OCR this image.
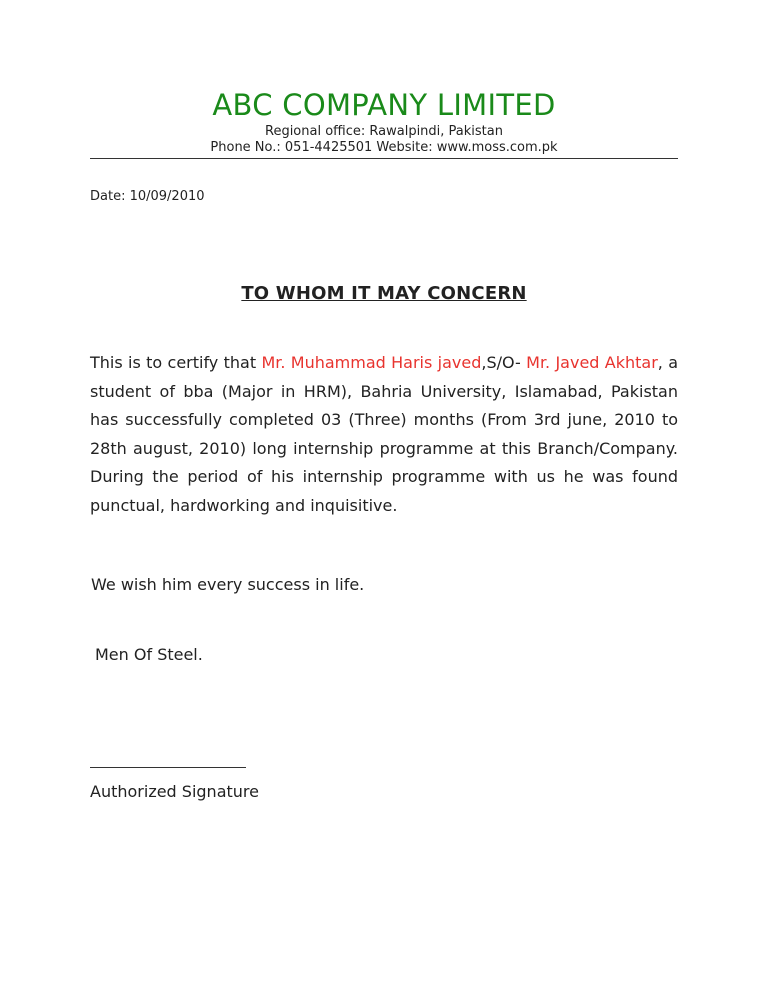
ABC COMPANY LIMITED
Regional office: Rawalpindi, Pakistan
Phone No.: 051-4425501 Website: www.moss.com.pk
Date: 10/09/2010
TO WHOM IT MAY CONCERN
This is to certify that Mr. Muhammad Haris javed,S/O- Mr. Javed Akhtar, a student of bba (Major in HRM), Bahria University, Islamabad, Pakistan has successfully completed 03 (Three) months (From 3rd june, 2010 to 28th august, 2010) long internship programme at this Branch/Company. During the period of his internship programme with us he was found punctual, hardworking and inquisitive.
We wish him every success in life.
Men Of Steel.
Authorized Signature
